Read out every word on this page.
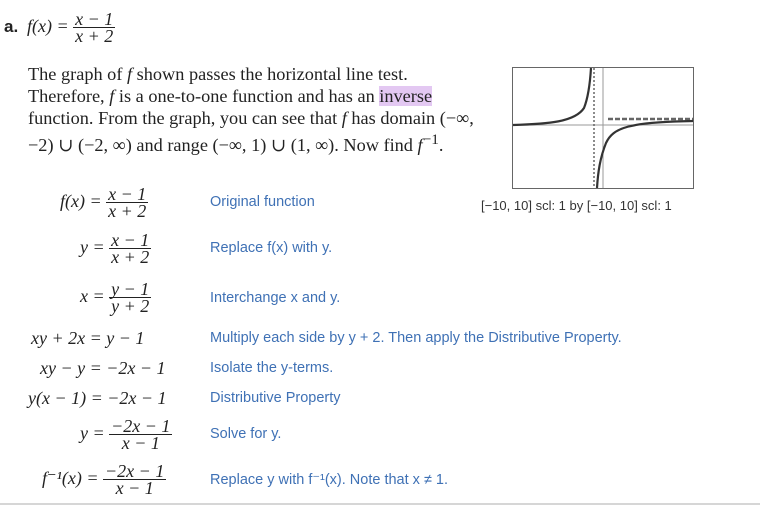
a. $f(x) = \frac{x - 1}{x + 2}$
The graph of f shown passes the horizontal line test. Therefore, f is a one-to-one function and has an inverse function. From the graph, you can see that f has domain (−∞, −2) ∪ (−2, ∞) and range (−∞, 1) ∪ (1, ∞). Now find $f^{-1}$.
[−10, 10] scl: 1 by [−10, 10] scl: 1
$f(x) = \frac{x - 1}{x + 2}$	Original function
$y = \frac{x - 1}{x + 2}$	Replace f(x) with y.
$x = \frac{y - 1}{y + 2}$	Interchange x and y.
xy + 2x = y − 1	Multiply each side by y + 2. Then apply the Distributive Property.
xy − y = −2x − 1	Isolate the y-terms.
y(x − 1) = −2x − 1	Distributive Property
$y = \frac{-2x - 1}{x - 1}$	Solve for y.
$f^{-1}(x) = \frac{-2x - 1}{x - 1}$	Replace y with f⁻¹(x). Note that x ≠ 1.
